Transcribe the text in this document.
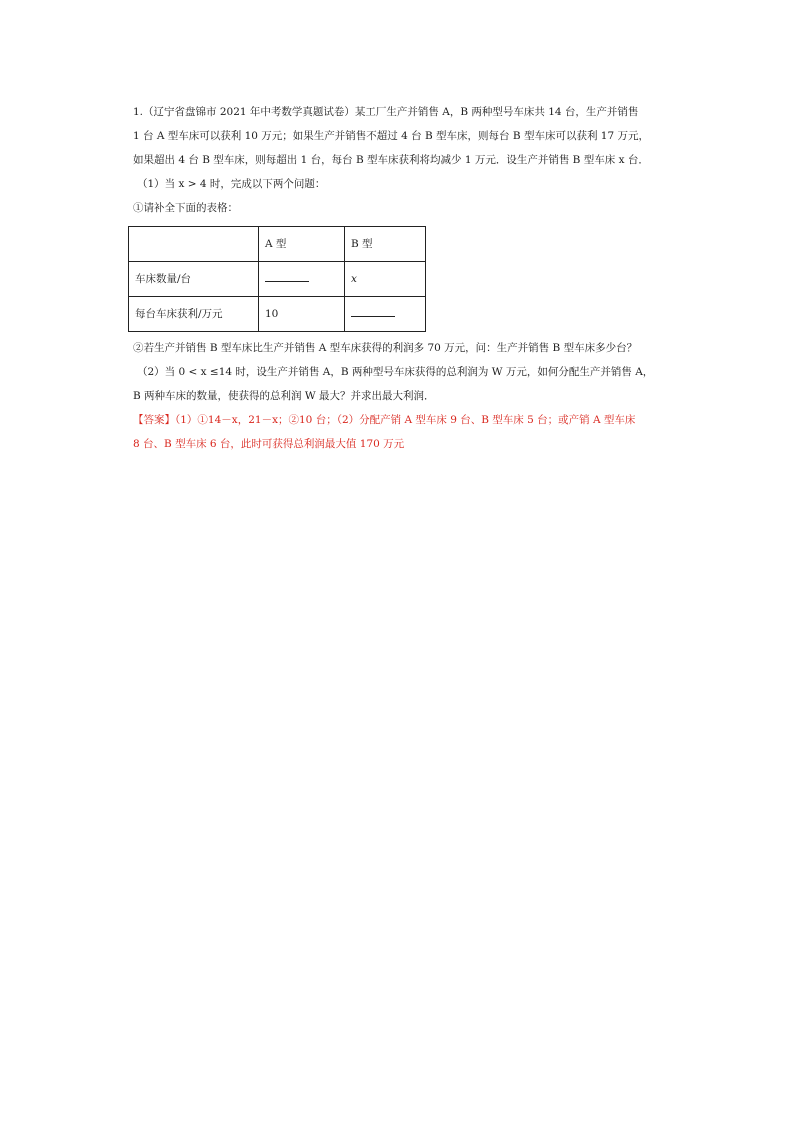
1.（辽宁省盘锦市 2021 年中考数学真题试卷）某工厂生产并销售 A，B 两种型号车床共 14 台，生产并销售
1 台 A 型车床可以获利 10 万元；如果生产并销售不超过 4 台 B 型车床，则每台 B 型车床可以获利 17 万元，
如果超出 4 台 B 型车床，则每超出 1 台，每台 B 型车床获利将均减少 1 万元．设生产并销售 B 型车床 x 台．
（1）当 x > 4 时，完成以下两个问题：
①请补全下面的表格：
	A 型	B 型
车床数量/台		x
每台车床获利/万元	10	
②若生产并销售 B 型车床比生产并销售 A 型车床获得的利润多 70 万元，问：生产并销售 B 型车床多少台？
（2）当 0 < x ≤14 时，设生产并销售 A，B 两种型号车床获得的总利润为 W 万元，如何分配生产并销售 A，
B 两种车床的数量，使获得的总利润 W 最大？并求出最大利润．
【答案】（1）①14－x，21－x；②10 台；（2）分配产销 A 型车床 9 台、B 型车床 5 台；或产销 A 型车床
8 台、B 型车床 6 台，此时可获得总利润最大值 170 万元
